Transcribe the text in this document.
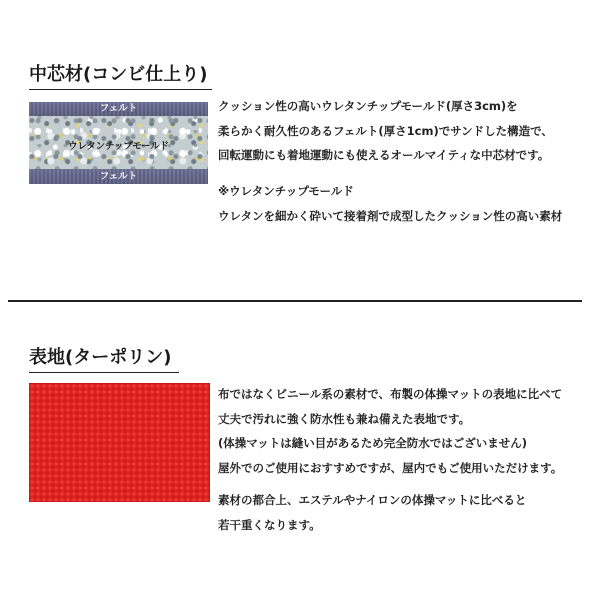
中芯材(コンビ仕上り)
フェルト
ウレタンチップモールド
フェルト
クッション性の高いウレタンチップモールド(厚さ3cm)を
柔らかく耐久性のあるフェルト(厚さ1cm)でサンドした構造で、
回転運動にも着地運動にも使えるオールマイティな中芯材です。
※ウレタンチップモールド
ウレタンを細かく砕いて接着剤で成型したクッション性の高い素材
表地(ターポリン)
布ではなくビニール系の素材で、布製の体操マットの表地に比べて
丈夫で汚れに強く防水性も兼ね備えた表地です。
(体操マットは縫い目があるため完全防水ではございません)
屋外でのご使用におすすめですが、屋内でもご使用いただけます。
素材の都合上、エステルやナイロンの体操マットに比べると
若干重くなります。
